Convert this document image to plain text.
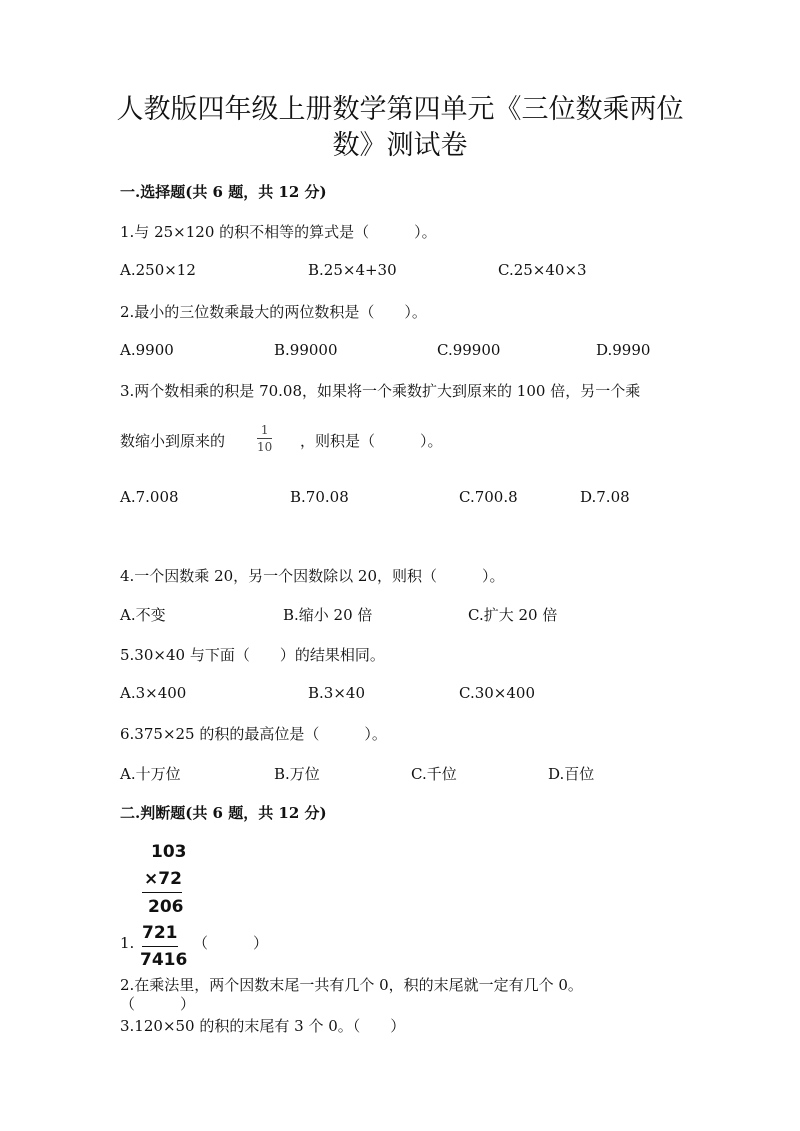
人教版四年级上册数学第四单元《三位数乘两位
数》测试卷
一.选择题(共 6 题，共 12 分)
1.与 25×120 的积不相等的算式是（　　　）。
A.250×12	B.25×4+30	C.25×40×3
2.最小的三位数乘最大的两位数积是（　　）。
A.9900	B.99000	C.99900	D.9990
3.两个数相乘的积是 70.08，如果将一个乘数扩大到原来的 100 倍，另一个乘
数缩小到原来的	$\frac{1}{10}$ ，则积是（　　　）。
A.7.008	B.70.08	C.700.8	D.7.08
4.一个因数乘 20，另一个因数除以 20，则积（　　　）。
A.不变	B.缩小 20 倍	C.扩大 20 倍
5.30×40 与下面（　　）的结果相同。
A.3×400	B.3×40	C.30×400
6.375×25 的积的最高位是（　　　）。
A.十万位	B.万位	C.千位	D.百位
二.判断题(共 6 题，共 12 分)
103
×72
206
721
7416
1.	（　　　）
2.在乘法里，两个因数末尾一共有几个 0，积的末尾就一定有几个 0。
（　　　）
3.120×50 的积的末尾有 3 个 0。（　　）
